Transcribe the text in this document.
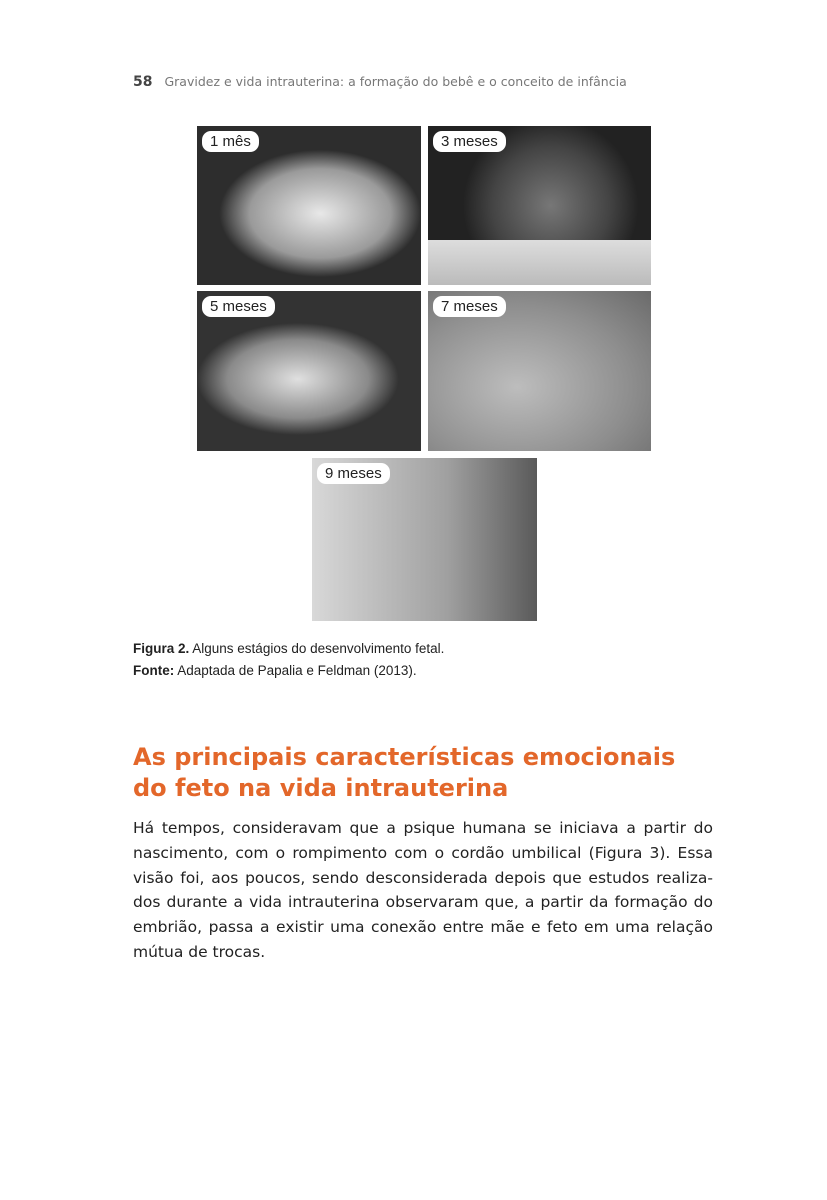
58 Gravidez e vida intrauterina: a formação do bebê e o conceito de infância
1 mês	3 meses
5 meses	7 meses
9 meses
Figura 2. Alguns estágios do desenvolvimento fetal.
Fonte: Adaptada de Papalia e Feldman (2013).
As principais características emocionais
do feto na vida intrauterina
Há tempos, consideravam que a psique humana se iniciava a partir do
nascimento, com o rompimento com o cordão umbilical (Figura 3). Essa
visão foi, aos poucos, sendo desconsiderada depois que estudos realiza-
dos durante a vida intrauterina observaram que, a partir da formação do
embrião, passa a existir uma conexão entre mãe e feto em uma relação
mútua de trocas.
